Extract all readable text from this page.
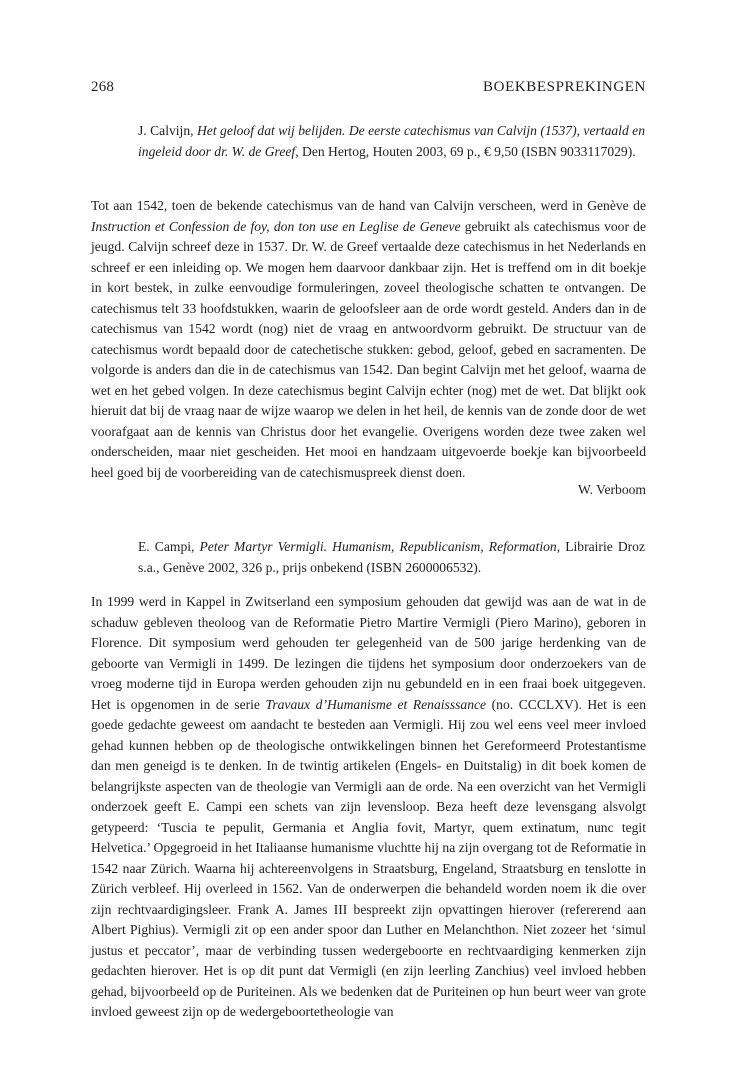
268	BOEKBESPREKINGEN
J. Calvijn, Het geloof dat wij belijden. De eerste catechismus van Calvijn (1537), vertaald en ingeleid door dr. W. de Greef, Den Hertog, Houten 2003, 69 p., € 9,50 (ISBN 9033117029).

Tot aan 1542, toen de bekende catechismus van de hand van Calvijn verscheen, werd in Genève de Instruction et Confession de foy, don ton use en Leglise de Geneve gebruikt als catechismus voor de jeugd. Calvijn schreef deze in 1537. Dr. W. de Greef vertaalde deze catechismus in het Nederlands en schreef er een inleiding op. We mogen hem daarvoor dankbaar zijn. Het is treffend om in dit boekje in kort bestek, in zulke eenvoudige formuleringen, zoveel theologische schatten te ontvangen. De catechismus telt 33 hoofdstukken, waarin de geloofsleer aan de orde wordt gesteld. Anders dan in de catechismus van 1542 wordt (nog) niet de vraag en antwoordvorm gebruikt. De structuur van de catechismus wordt bepaald door de catechetische stukken: gebod, geloof, gebed en sacramenten. De volgorde is anders dan die in de catechismus van 1542. Dan begint Calvijn met het geloof, waarna de wet en het gebed volgen. In deze catechismus begint Calvijn echter (nog) met de wet. Dat blijkt ook hieruit dat bij de vraag naar de wijze waarop we delen in het heil, de kennis van de zonde door de wet voorafgaat aan de kennis van Christus door het evangelie. Overigens worden deze twee zaken wel onderscheiden, maar niet gescheiden. Het mooi en handzaam uitgevoerde boekje kan bijvoorbeeld heel goed bij de voorbereiding van de catechismuspreek dienst doen.

W. Verboom
E. Campi, Peter Martyr Vermigli. Humanism, Republicanism, Reformation, Librairie Droz s.a., Genève 2002, 326 p., prijs onbekend (ISBN 2600006532).

In 1999 werd in Kappel in Zwitserland een symposium gehouden dat gewijd was aan de wat in de schaduw gebleven theoloog van de Reformatie Pietro Martire Vermigli (Piero Marino), geboren in Florence. Dit symposium werd gehouden ter gelegenheid van de 500 jarige herdenking van de geboorte van Vermigli in 1499. De lezingen die tijdens het symposium door onderzoekers van de vroeg moderne tijd in Europa werden gehouden zijn nu gebundeld en in een fraai boek uitgegeven. Het is opgenomen in de serie Travaux d’Humanisme et Renaisssance (no. CCCLXV). Het is een goede gedachte geweest om aandacht te besteden aan Vermigli. Hij zou wel eens veel meer invloed gehad kunnen hebben op de theologische ontwikkelingen binnen het Gereformeerd Protestantisme dan men geneigd is te denken. In de twintig artikelen (Engels- en Duitstalig) in dit boek komen de belangrijkste aspecten van de theologie van Vermigli aan de orde. Na een overzicht van het Vermigli onderzoek geeft E. Campi een schets van zijn levensloop. Beza heeft deze levensgang alsvolgt getypeerd: ‘Tuscia te pepulit, Germania et Anglia fovit, Martyr, quem extinatum, nunc tegit Helvetica.’ Opgegroeid in het Italiaanse humanisme vluchtte hij na zijn overgang tot de Reformatie in 1542 naar Zürich. Waarna hij achtereenvolgens in Straatsburg, Engeland, Straatsburg en tenslotte in Zürich verbleef. Hij overleed in 1562. Van de onderwerpen die behandeld worden noem ik die over zijn rechtvaardigingsleer. Frank A. James III bespreekt zijn opvattingen hierover (refererend aan Albert Pighius). Vermigli zit op een ander spoor dan Luther en Melanchthon. Niet zozeer het ‘simul justus et peccator’, maar de verbinding tussen wedergeboorte en rechtvaardiging kenmerken zijn gedachten hierover. Het is op dit punt dat Vermigli (en zijn leerling Zanchius) veel invloed hebben gehad, bijvoorbeeld op de Puriteinen. Als we bedenken dat de Puriteinen op hun beurt weer van grote invloed geweest zijn op de wedergeboortetheologie van
